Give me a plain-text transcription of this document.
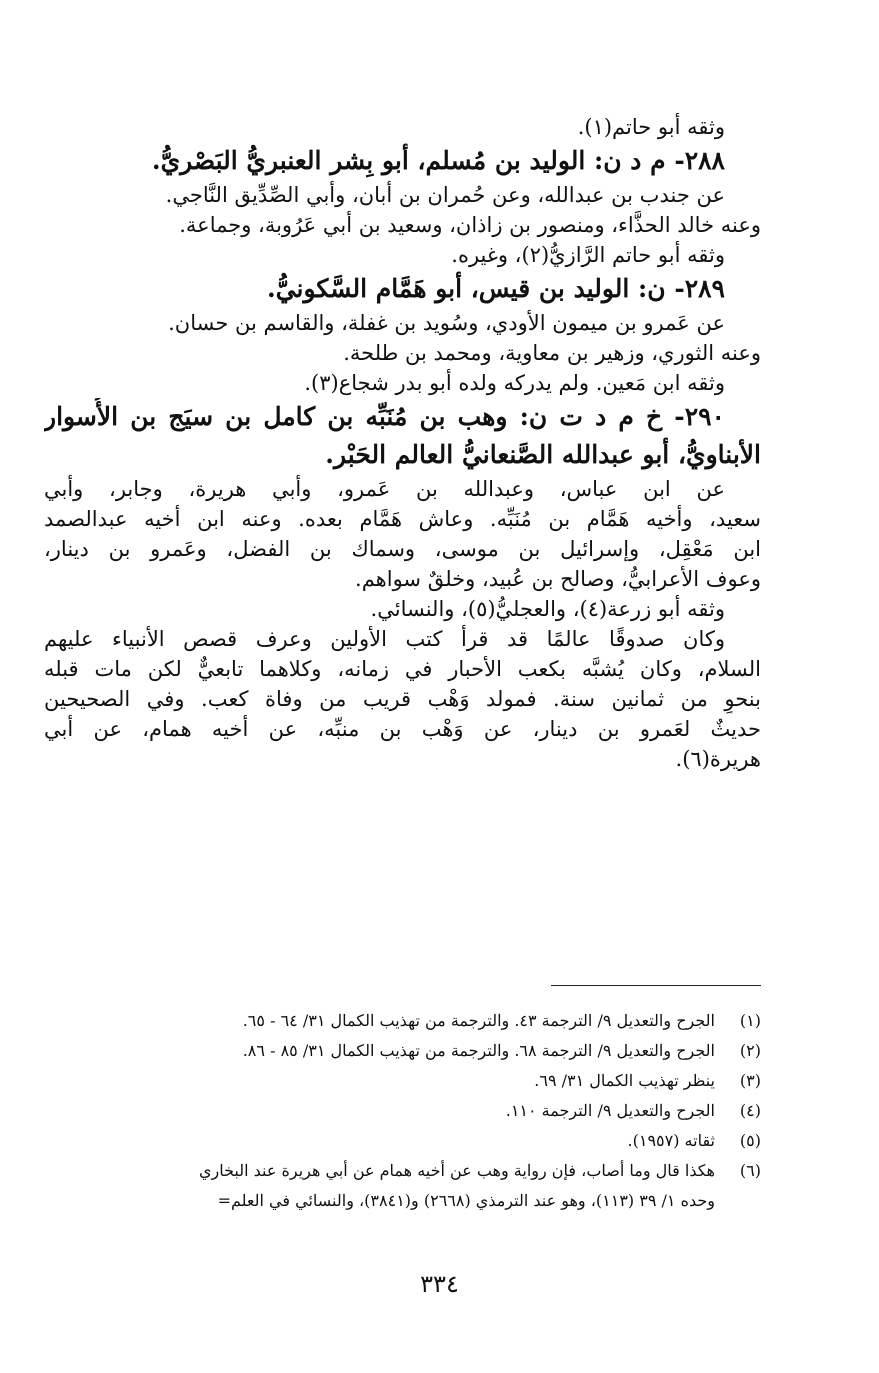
وثقه أبو حاتم(١).
٢٨٨- م د ن: الوليد بن مُسلم، أبو بِشر العنبريُّ البَصْريُّ.
عن جندب بن عبدالله، وعن حُمران بن أبان، وأبي الصِّدِّيق النَّاجي.
وعنه خالد الحذَّاء، ومنصور بن زاذان، وسعيد بن أبي عَرُوبة، وجماعة.
وثقه أبو حاتم الرَّازيُّ(٢)، وغيره.
٢٨٩- ن: الوليد بن قيس، أبو هَمَّام السَّكونيُّ.
عن عَمرو بن ميمون الأودي، وسُويد بن غفلة، والقاسم بن حسان.
وعنه الثوري، وزهير بن معاوية، ومحمد بن طلحة.
وثقه ابن مَعين. ولم يدركه ولده أبو بدر شجاع(٣).
٢٩٠- خ م د ت ن: وهب بن مُنَبِّه بن كامل بن سيَج بن الأُسوار
الأبناويُّ، أبو عبدالله الصَّنعانيُّ العالم الحَبْر.
عن ابن عباس، وعبدالله بن عَمرو، وأبي هريرة، وجابر، وأبي
سعيد، وأخيه هَمَّام بن مُنَبِّه. وعاش هَمَّام بعده. وعنه ابن أخيه عبدالصمد
ابن مَعْقِل، وإسرائيل بن موسى، وسماك بن الفضل، وعَمرو بن دينار،
وعوف الأعرابيُّ، وصالح بن عُبيد، وخلقٌ سواهم.
وثقه أبو زرعة(٤)، والعجليُّ(٥)، والنسائي.
وكان صدوقًا عالمًا قد قرأ كتب الأولين وعرف قصص الأنبياء عليهم
السلام، وكان يُشبَّه بكعب الأحبار في زمانه، وكلاهما تابعيٌّ لكن مات قبله
بنحوٍ من ثمانين سنة. فمولد وَهْب قريب من وفاة كعب. وفي الصحيحين
حديثٌ لعَمرو بن دينار، عن وَهْب بن منبِّه، عن أخيه همام، عن أبي
هريرة(٦).
(١)
الجرح والتعديل ٩/ الترجمة ٤٣. والترجمة من تهذيب الكمال ٣١/ ٦٤ - ٦٥.
(٢)
الجرح والتعديل ٩/ الترجمة ٦٨. والترجمة من تهذيب الكمال ٣١/ ٨٥ - ٨٦.
(٣)
ينظر تهذيب الكمال ٣١/ ٦٩.
(٤)
الجرح والتعديل ٩/ الترجمة ١١٠.
(٥)
ثقاته (١٩٥٧).
(٦)
هكذا قال وما أصاب، فإن رواية وهب عن أخيه همام عن أبي هريرة عند البخاري
وحده ١/ ٣٩ (١١٣)، وهو عند الترمذي (٢٦٦٨) و(٣٨٤١)، والنسائي في العلم=
٣٣٤
